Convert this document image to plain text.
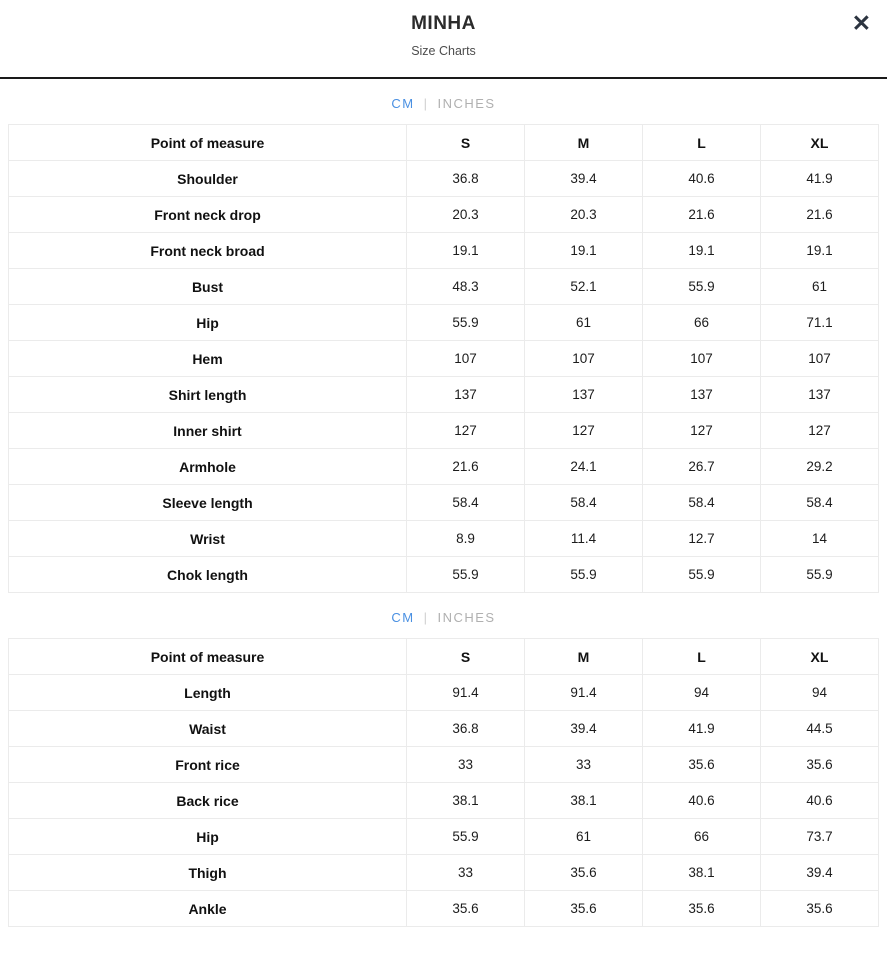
MINHA
Size Charts
✕
CM | INCHES
Point of measure	S	M	L	XL
Shoulder	36.8	39.4	40.6	41.9
Front neck drop	20.3	20.3	21.6	21.6
Front neck broad	19.1	19.1	19.1	19.1
Bust	48.3	52.1	55.9	61
Hip	55.9	61	66	71.1
Hem	107	107	107	107
Shirt length	137	137	137	137
Inner shirt	127	127	127	127
Armhole	21.6	24.1	26.7	29.2
Sleeve length	58.4	58.4	58.4	58.4
Wrist	8.9	11.4	12.7	14
Chok length	55.9	55.9	55.9	55.9
CM | INCHES
Point of measure	S	M	L	XL
Length	91.4	91.4	94	94
Waist	36.8	39.4	41.9	44.5
Front rice	33	33	35.6	35.6
Back rice	38.1	38.1	40.6	40.6
Hip	55.9	61	66	73.7
Thigh	33	35.6	38.1	39.4
Ankle	35.6	35.6	35.6	35.6
